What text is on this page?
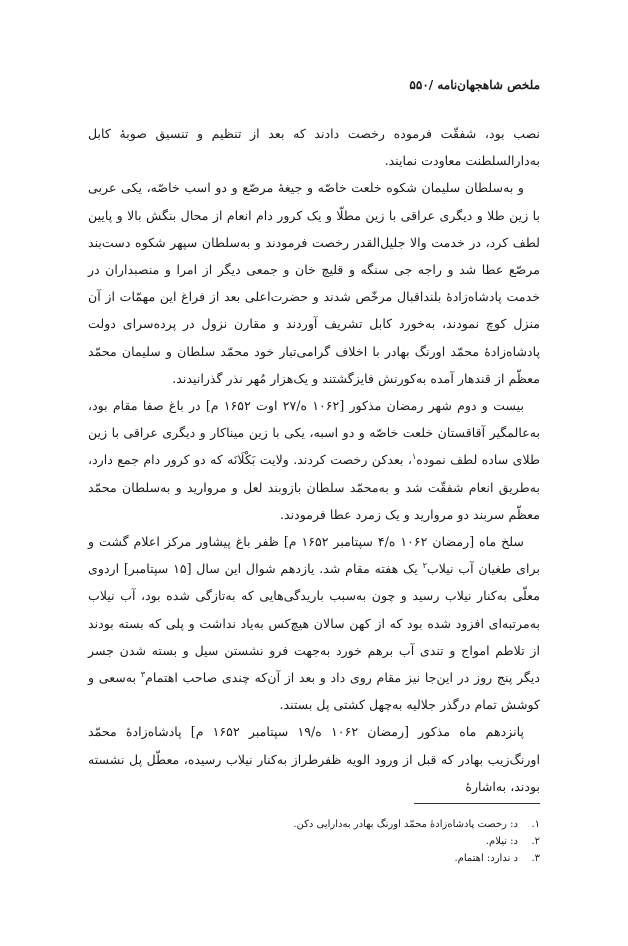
ملخص شاهجهان‌نامه /۵۵۰

نصب بود، شفقّت فرموده رخصت دادند که بعد از تنظیم و تنسیق صوبهٔ کابل به‌دارالسلطنت معاودت نمایند.

و به‌سلطان سلیمان شکوه خلعت خاصّه و جیغهٔ مرصّع و دو اسب خاصّه، یکی عربی با زین طلا و دیگری عراقی با زین مطلّا و یک کرور دام انعام از محال بنگش بالا و پایین لطف کرد، در خدمت والا جلیل‌القدر رخصت فرمودند و به‌سلطان سپهر شکوه دست‌بند مرصّع عطا شد و راجه جی سنگه و قلیچ خان و جمعی دیگر از امرا و منصبداران در خدمت پادشاه‌زادهٔ بلنداقبال مرخّص شدند و حضرت‌اعلی بعد از فراغ این مهمّات از آن منزل کوچ نمودند، به‌خورد کابل تشریف آوردند و مقارن نزول در پرده‌سرای دولت پادشاه‌زادهٔ محمّد اورنگ بهادر با اخلاف گرامی‌تبار خود محمّد سلطان و سلیمان محمّد معظّم از قندهار آمده به‌کورنش فایزگشتند و یک‌هزار مُهر نذر گذرانیدند.

بیست و دوم شهر رمضان مذکور [۱۰۶۲ ه/۲۷ اوت ۱۶۵۲ م] در باغ صفا مقام بود، به‌عالمگیر آقاقستان خلعت خاصّه و دو اسبه، یکی با زین میناکار و دیگری عراقی با زین طلای ساده لطف نموده$^۱$، بعدکن رخصت کردند. ولایت بَکْلَانَه که دو کرور دام جمع دارد، به‌طریق انعام شفقّت شد و به‌محمّد سلطان بازوبند لعل و مروارید و به‌سلطان محمّد معظّم سربند دو مروارید و یک زمرد عطا فرمودند.

سلخ ماه [رمضان ۱۰۶۲ ه/۴ سپتامبر ۱۶۵۲ م] ظفر باغ پیشاور مرکز اعلام گشت و برای طغیان آب نیلاب$^۲$ یک هفته مقام شد. یازدهم شوال این سال [۱۵ سپتامبر] اردوی معلّی به‌کنار نیلاب رسید و چون به‌سبب باریدگی‌هایی که به‌تازگی شده بود، آب نیلاب به‌مرتبه‌ای افزود شده بود که از کهن سالان هیچ‌کس به‌یاد نداشت و پلی که بسته بودند از تلاطم امواج و تندی آب برهم خورد به‌جهت فرو نشستن سیل و بسته شدن جسر دیگر پنج روز در این‌جا نیز مقام روی داد و بعد از آن‌که چندی صاحب اهتمام$^۳$ به‌سعی و کوشش تمام درگذر جلالیه به‌چهل کشتی پل بستند.

پانزدهم ماه مذکور [رمضان ۱۰۶۲ ه/۱۹ سپتامبر ۱۶۵۲ م] پادشاه‌زادهٔ محمّد اورنگ‌زیب بهادر که قبل از ورود الویه ظفرطراز به‌کنار نیلاب رسیده، معطّل پل نشسته بودند، به‌اشارهٔ

۱.د: رخصت پادشاه‌زادهٔ محمّد اورنگ بهادر به‌دارایی دکن.
۲.د: نیلام.
۳.د ندارد: اهتمام.
